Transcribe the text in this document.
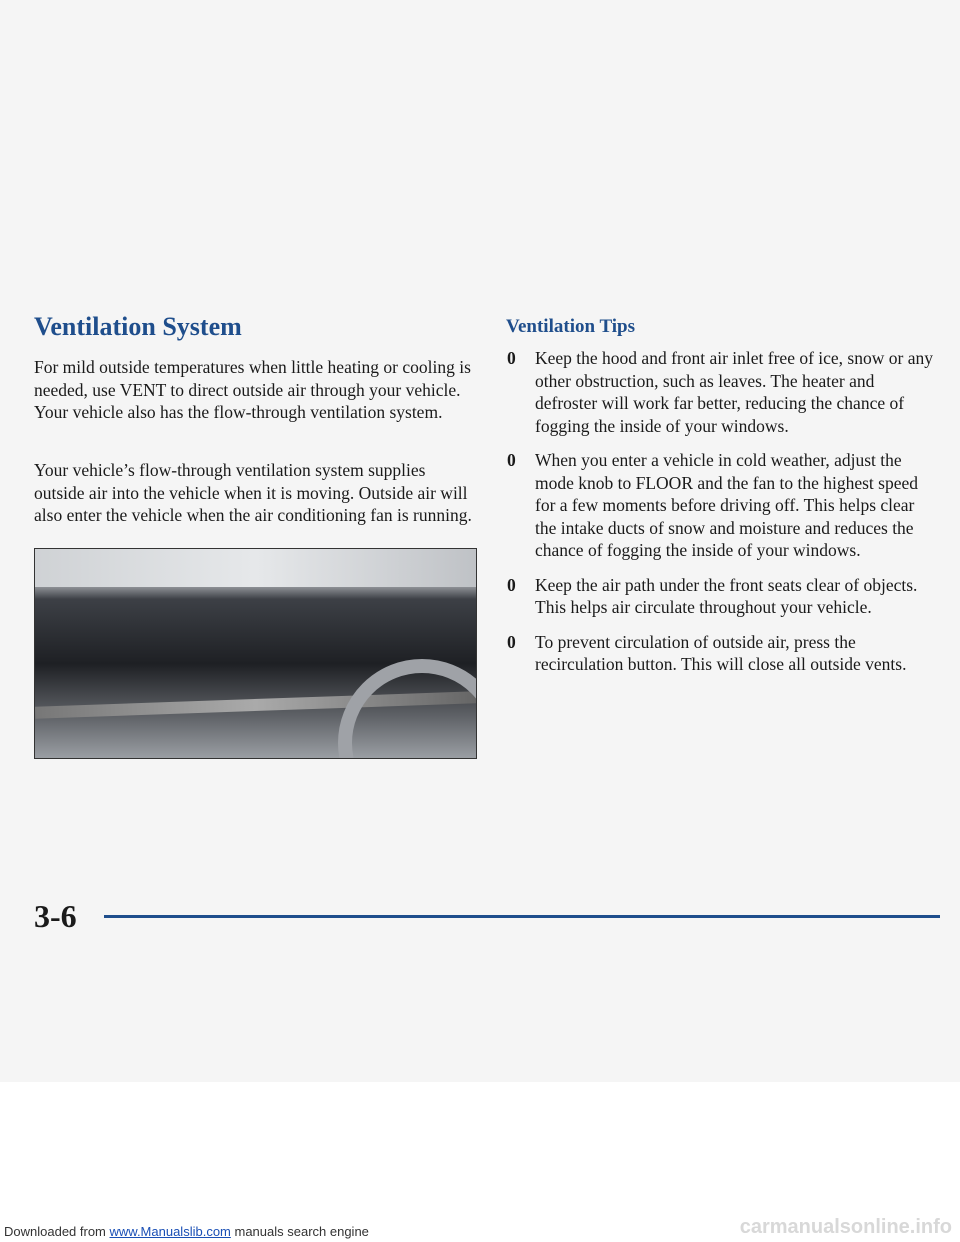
Ventilation System

For mild outside temperatures when little heating or cooling is needed, use VENT to direct outside air through your vehicle. Your vehicle also has the flow-through ventilation system.

Your vehicle’s flow-through ventilation system supplies outside air into the vehicle when it is moving. Outside air will also enter the vehicle when the air conditioning fan is running.

Ventilation Tips
0 Keep the hood and front air inlet free of ice, snow or any other obstruction, such as leaves. The heater and defroster will work far better, reducing the chance of fogging the inside of your windows.
0 When you enter a vehicle in cold weather, adjust the mode knob to FLOOR and the fan to the highest speed for a few moments before driving off. This helps clear the intake ducts of snow and moisture and reduces the chance of fogging the inside of your windows.
0 Keep the air path under the front seats clear of objects. This helps air circulate throughout your vehicle.
0 To prevent circulation of outside air, press the recirculation button. This will close all outside vents.
3-6
Downloaded from www.Manualslib.com manuals search engine	carmanualsonline.info
